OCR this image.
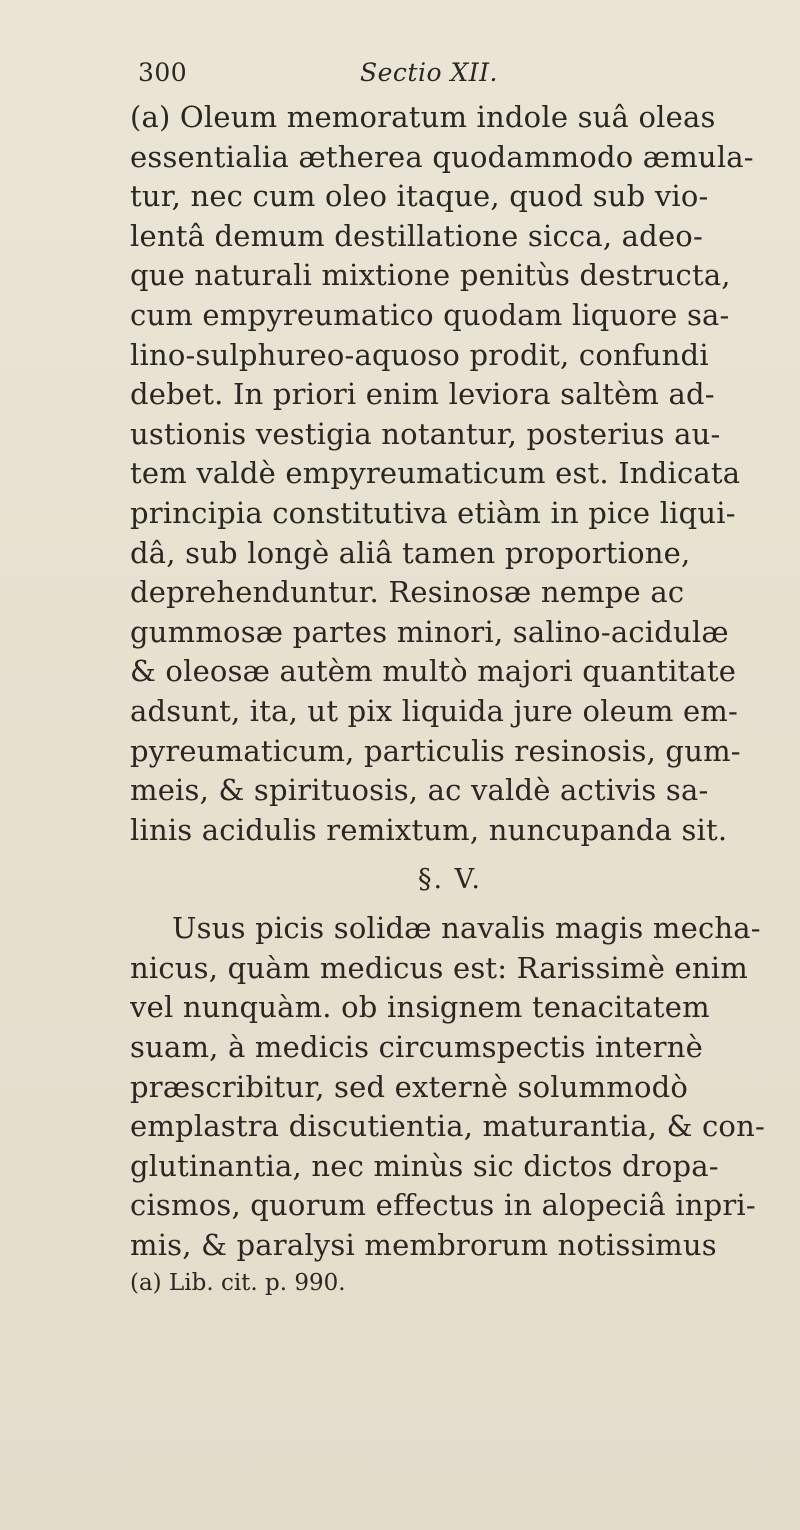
300	Sectio XII.
(a) Oleum memoratum indole suâ oleas
essentialia ætherea quodammodo æmula-
tur, nec cum oleo itaque, quod sub vio-
lentâ demum destillatione sicca, adeo-
que naturali mixtione penitùs destructa,
cum empyreumatico quodam liquore sa-
lino-sulphureo-aquoso prodit, confundi
debet. In priori enim leviora saltèm ad-
ustionis vestigia notantur, posterius au-
tem valdè empyreumaticum est. Indicata
principia constitutiva etiàm in pice liqui-
dâ, sub longè aliâ tamen proportione,
deprehenduntur. Resinosæ nempe ac
gummosæ partes minori, salino-acidulæ
& oleosæ autèm multò majori quantitate
adsunt, ita, ut pix liquida jure oleum em-
pyreumaticum, particulis resinosis, gum-
meis, & spirituosis, ac valdè activis sa-
linis acidulis remixtum, nuncupanda sit.
§. V.
Usus picis solidæ navalis magis mecha-
nicus, quàm medicus est: Rarissimè enim
vel nunquàm. ob insignem tenacitatem
suam, à medicis circumspectis internè
præscribitur, sed externè solummodò
emplastra discutientia, maturantia, & con-
glutinantia, nec minùs sic dictos dropa-
cismos, quorum effectus in alopeciâ inpri-
mis, & paralysi membrorum notissimus
(a) Lib. cit. p. 990.
